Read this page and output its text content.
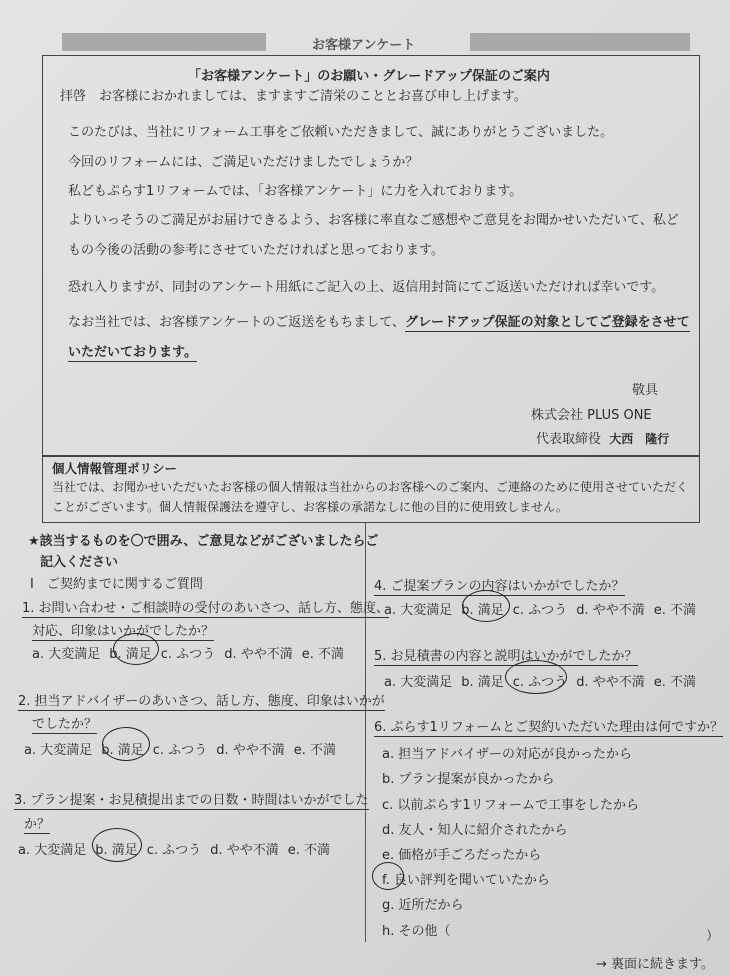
お客様アンケート
「お客様アンケート」のお願い・グレードアップ保証のご案内
拝啓　お客様におかれましては、ますますご清栄のこととお喜び申し上げます。
このたびは、当社にリフォーム工事をご依頼いただきまして、誠にありがとうございました。
今回のリフォームには、ご満足いただけましたでしょうか？
私どもぷらす1リフォームでは、「お客様アンケート」に力を入れております。
よりいっそうのご満足がお届けできるよう、お客様に率直なご感想やご意見をお聞かせいただいて、私ど
もの今後の活動の参考にさせていただければと思っております。
恐れ入りますが、同封のアンケート用紙にご記入の上、返信用封筒にてご返送いただければ幸いです。
なお当社では、お客様アンケートのご返送をもちまして、グレードアップ保証の対象としてご登録をさせて
いただいております。
敬具
株式会社 PLUS ONE
代表取締役 大西　隆行
個人情報管理ポリシー
当社では、お聞かせいただいたお客様の個人情報は当社からのお客様へのご案内、ご連絡のために使用させていただく
ことがございます。個人情報保護法を遵守し、お客様の承諾なしに他の目的に使用致しません。
★該当するものを〇で囲み、ご意見などがございましたらご
記入ください
Ⅰ　ご契約までに関するご質問
1. お問い合わせ・ご相談時の受付のあいさつ、話し方、態度、
対応、印象はいかがでしたか？
a. 大変満足 b. 満足 c. ふつう d. やや不満 e. 不満
2. 担当アドバイザーのあいさつ、話し方、態度、印象はいかが
でしたか？
a. 大変満足 b. 満足 c. ふつう d. やや不満 e. 不満
3. プラン提案・お見積提出までの日数・時間はいかがでした
か？
a. 大変満足 b. 満足 c. ふつう d. やや不満 e. 不満
4. ご提案プランの内容はいかがでしたか？
a. 大変満足 b. 満足 c. ふつう d. やや不満 e. 不満
5. お見積書の内容と説明はいかがでしたか？
a. 大変満足 b. 満足 c. ふつう d. やや不満 e. 不満
6. ぷらす1リフォームとご契約いただいた理由は何ですか？
a. 担当アドバイザーの対応が良かったから
b. プラン提案が良かったから
c. 以前ぷらす1リフォームで工事をしたから
d. 友人・知人に紹介されたから
e. 価格が手ごろだったから
f. 良い評判を聞いていたから
g. 近所だから
h. その他（	）
→ 裏面に続きます。
